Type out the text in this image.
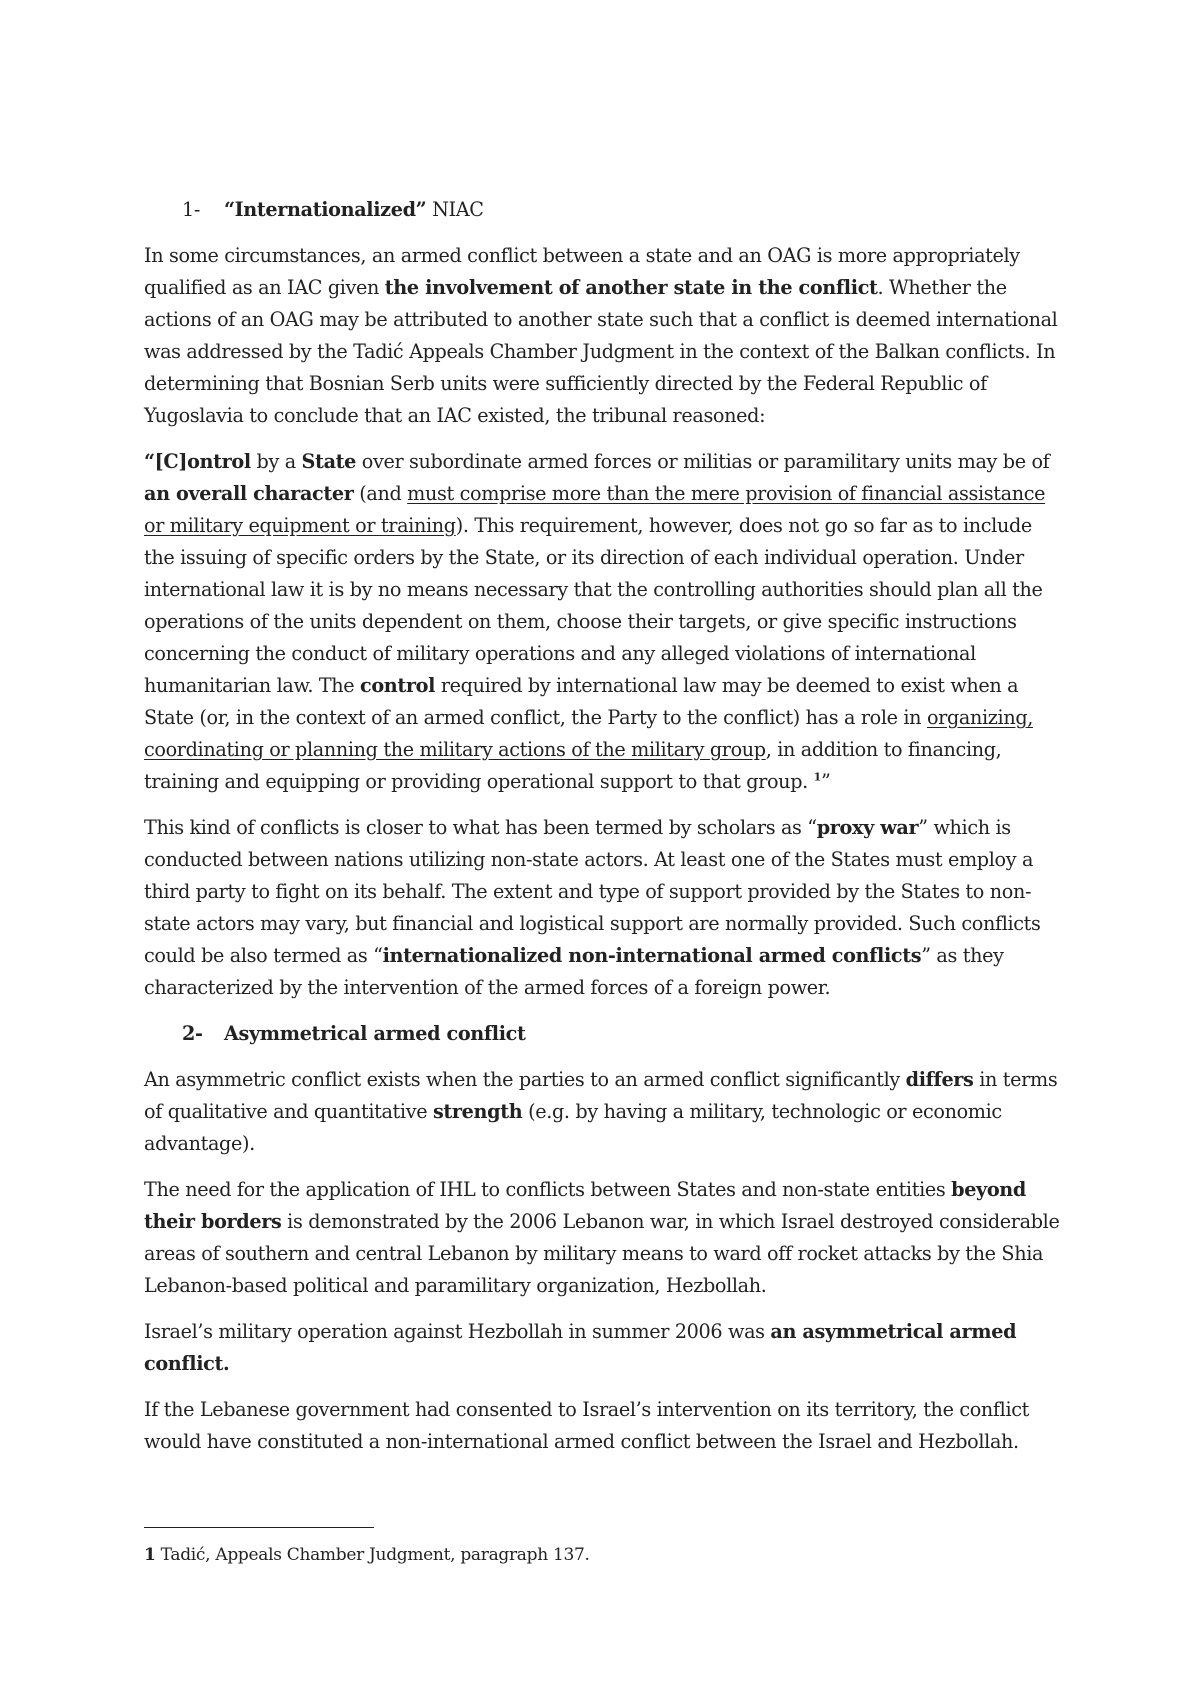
1- “Internationalized” NIAC

In some circumstances, an armed conflict between a state and an OAG is more appropriately qualified as an IAC given the involvement of another state in the conflict. Whether the actions of an OAG may be attributed to another state such that a conflict is deemed international was addressed by the Tadić Appeals Chamber Judgment in the context of the Balkan conflicts. In determining that Bosnian Serb units were sufficiently directed by the Federal Republic of Yugoslavia to conclude that an IAC existed, the tribunal reasoned:

“[C]ontrol by a State over subordinate armed forces or militias or paramilitary units may be of an overall character (and must comprise more than the mere provision of financial assistance or military equipment or training). This requirement, however, does not go so far as to include the issuing of specific orders by the State, or its direction of each individual operation. Under international law it is by no means necessary that the controlling authorities should plan all the operations of the units dependent on them, choose their targets, or give specific instructions concerning the conduct of military operations and any alleged violations of international humanitarian law. The control required by international law may be deemed to exist when a State (or, in the context of an armed conflict, the Party to the conflict) has a role in organizing, coordinating or planning the military actions of the military group, in addition to financing, training and equipping or providing operational support to that group. $^1$”

This kind of conflicts is closer to what has been termed by scholars as “proxy war” which is conducted between nations utilizing non-state actors. At least one of the States must employ a third party to fight on its behalf. The extent and type of support provided by the States to non-state actors may vary, but financial and logistical support are normally provided. Such conflicts could be also termed as “internationalized non-international armed conflicts” as they characterized by the intervention of the armed forces of a foreign power.

2- Asymmetrical armed conflict

An asymmetric conflict exists when the parties to an armed conflict significantly differs in terms of qualitative and quantitative strength (e.g. by having a military, technologic or economic advantage).

The need for the application of IHL to conflicts between States and non-state entities beyond their borders is demonstrated by the 2006 Lebanon war, in which Israel destroyed considerable areas of southern and central Lebanon by military means to ward off rocket attacks by the Shia Lebanon-based political and paramilitary organization, Hezbollah.

Israel’s military operation against Hezbollah in summer 2006 was an asymmetrical armed conflict.

If the Lebanese government had consented to Israel’s intervention on its territory, the conflict would have constituted a non-international armed conflict between the Israel and Hezbollah.

1 Tadić, Appeals Chamber Judgment, paragraph 137.
